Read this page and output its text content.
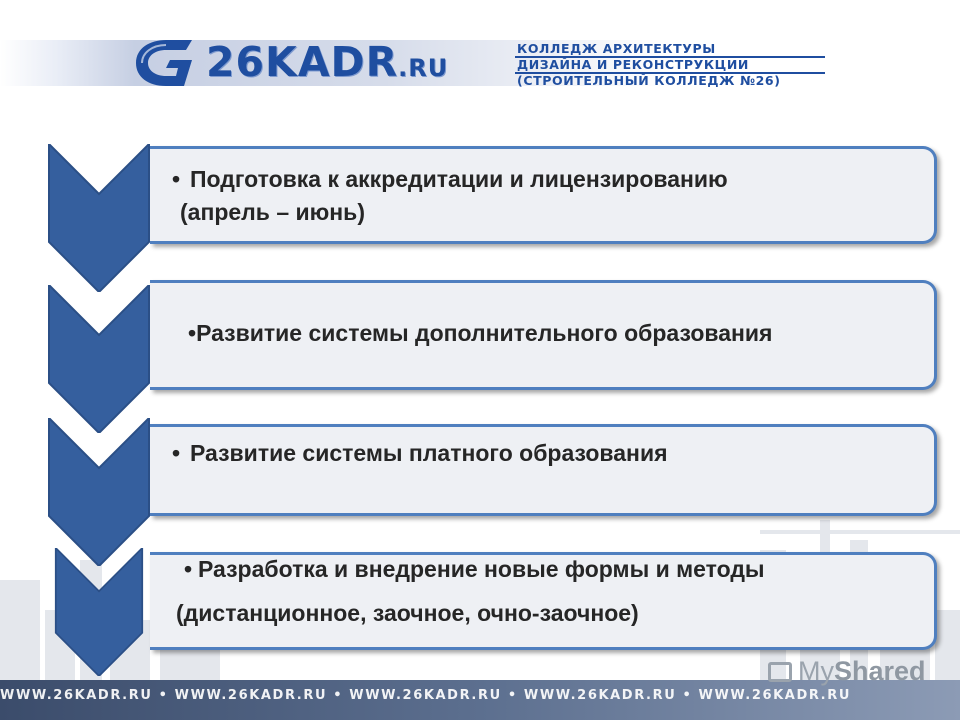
26KADR.RU
КОЛЛЕДЖ АРХИТЕКТУРЫ
ДИЗАЙНА И РЕКОНСТРУКЦИИ
(СТРОИТЕЛЬНЫЙ КОЛЛЕДЖ №26)
• Подготовка к аккредитации и лицензированию
(апрель – июнь)
•Развитие системы дополнительного образования
• Развитие системы платного образования
• Разработка и внедрение новые формы и методы
(дистанционное, заочное, очно-заочное)
WWW.26KADR.RU • WWW.26KADR.RU • WWW.26KADR.RU • WWW.26KADR.RU • WWW.26KADR.RU
MyShared
